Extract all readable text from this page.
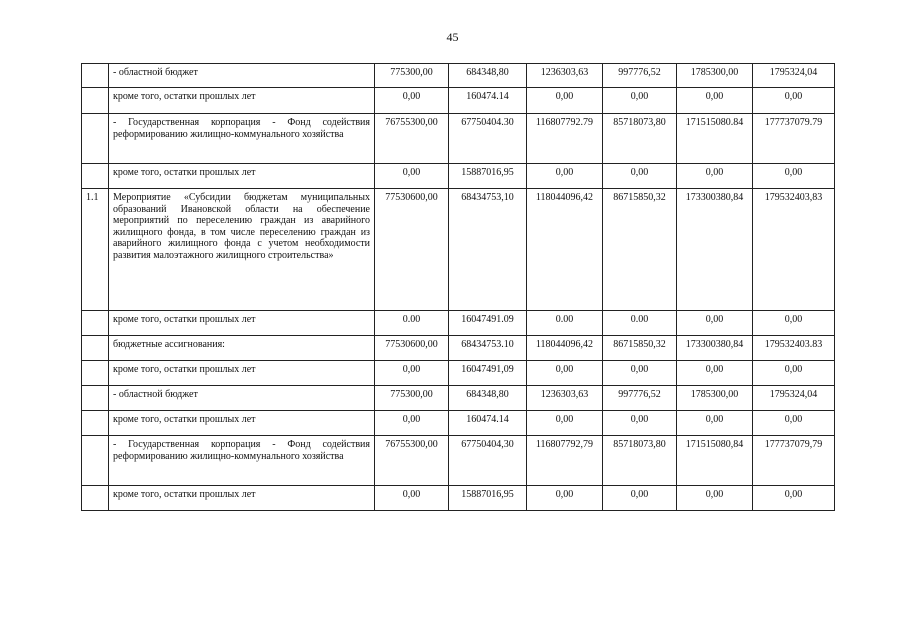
45
	- областной бюджет	775300,00	684348,80	1236303,63	997776,52	1785300,00	1795324,04
	кроме того, остатки прошлых лет	0,00	160474.14	0,00	0,00	0,00	0,00
	- Государственная корпорация - Фонд содействия реформированию жилищно-коммунального хозяйства	76755300,00	67750404.30	116807792.79	85718073,80	171515080.84	177737079.79
	кроме того, остатки прошлых лет	0,00	15887016,95	0,00	0,00	0,00	0,00
1.1	Мероприятие «Субсидии бюджетам муниципальных образований Ивановской области на обеспечение мероприятий по переселению граждан из аварийного жилищного фонда, в том числе переселению граждан из аварийного жилищного фонда с учетом необходимости развития малоэтажного жилищного строительства»	77530600,00	68434753,10	118044096,42	86715850,32	173300380,84	179532403,83
	кроме того, остатки прошлых лет	0.00	16047491.09	0.00	0.00	0,00	0,00
	бюджетные ассигнования:	77530600,00	68434753.10	118044096,42	86715850,32	173300380,84	179532403.83
	кроме того, остатки прошлых лет	0,00	16047491,09	0,00	0,00	0,00	0,00
	- областной бюджет	775300,00	684348,80	1236303,63	997776,52	1785300,00	1795324,04
	кроме того, остатки прошлых лет	0,00	160474.14	0,00	0,00	0,00	0,00
	- Государственная корпорация - Фонд содействия реформированию жилищно-коммунального хозяйства	76755300,00	67750404,30	116807792,79	85718073,80	171515080,84	177737079,79
	кроме того, остатки прошлых лет	0,00	15887016,95	0,00	0,00	0,00	0,00
